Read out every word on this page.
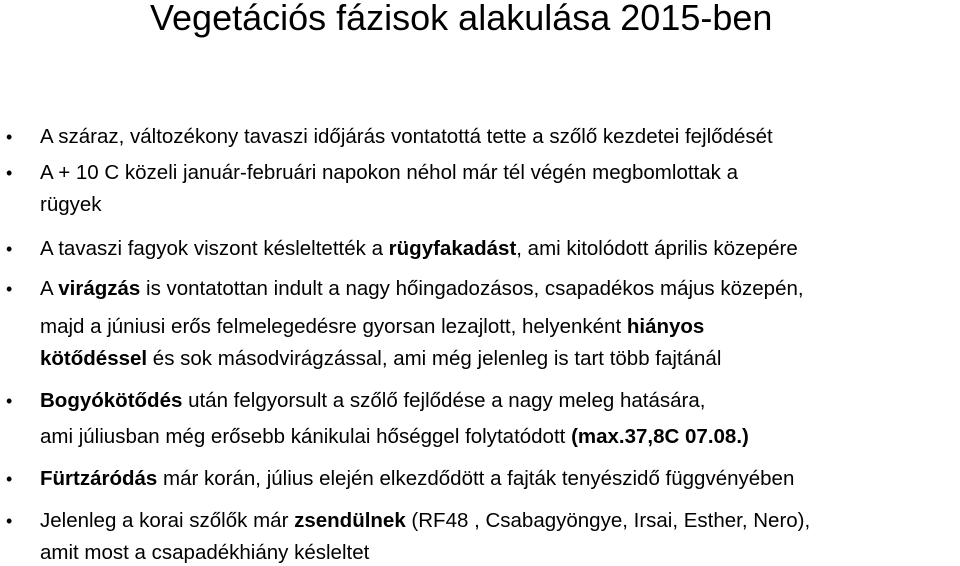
Vegetációs fázisok alakulása 2015-ben
• A száraz, változékony tavaszi időjárás vontatottá tette a szőlő kezdetei fejlődését
• A + 10 C közeli január-februári napokon néhol már tél végén megbomlottak a
rügyek
• A tavaszi fagyok viszont késleltették a rügyfakadást, ami kitolódott április közepére
• A virágzás is vontatottan indult a nagy hőingadozásos, csapadékos május közepén,
majd a júniusi erős felmelegedésre gyorsan lezajlott, helyenként hiányos
kötődéssel és sok másodvirágzással, ami még jelenleg is tart több fajtánál
• Bogyókötődés után felgyorsult a szőlő fejlődése a nagy meleg hatására,
ami júliusban még erősebb kánikulai hőséggel folytatódott (max.37,8C 07.08.)
• Fürtzáródás már korán, július elején elkezdődött a fajták tenyészidő függvényében
• Jelenleg a korai szőlők már zsendülnek (RF48 , Csabagyöngye, Irsai, Esther, Nero),
amit most a csapadékhiány késleltet
